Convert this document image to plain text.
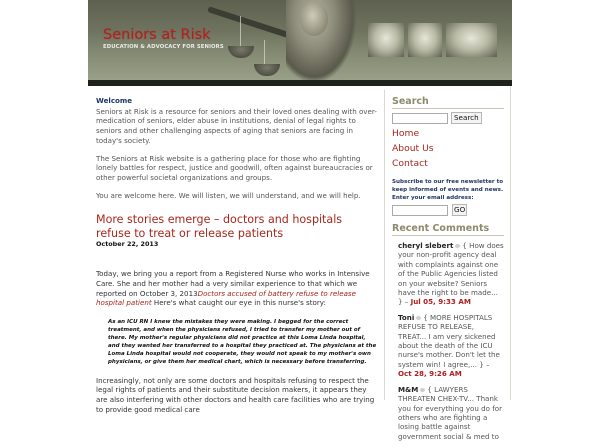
Seniors at Risk
EDUCATION & ADVOCACY FOR SENIORS
Welcome

Seniors at Risk is a resource for seniors and their loved ones dealing with over-medication of seniors, elder abuse in institutions, denial of legal rights to seniors and other challenging aspects of aging that seniors are facing in today's society.

The Seniors at Risk website is a gathering place for those who are fighting lonely battles for respect, justice and goodwill, often against bureaucracies or other powerful societal organizations and groups.

You are welcome here. We will listen, we will understand, and we will help.

More stories emerge – doctors and hospitals refuse to treat or release patients
October 22, 2013
Today, we bring you a report from a Registered Nurse who works in Intensive Care. She and her mother had a very similar experience to that which we reported on October 3, 2013Doctors accused of battery refuse to release hospital patient Here's what caught our eye in this nurse's story:
As an ICU RN I knew the mistakes they were making. I begged for the correct treatment, and when the physicians refused, I tried to transfer my mother out of there. My mother's regular physicians did not practice at this Loma Linda hospital, and they wanted her transferred to a hospital they practiced at. The physicians at the Loma Linda hospital would not cooperate, they would not speak to my mother's own physicians, or give them her medical chart, which is necessary before transferring.
Increasingly, not only are some doctors and hospitals refusing to respect the legal rights of patients and their substitute decision makers, it appears they are also interfering with other doctors and health care facilities who are trying to provide good medical care
Search
Search
Home
About Us
Contact
Subscribe to our free newsletter to keep informed of events and news. Enter your email address:
GO
Recent Comments
cheryl slebert { How does your non-profit agency deal with complaints against one of the Public Agencies listed on your website? Seniors have the right to be made... } – Jul 05, 9:33 AM
Toni { MORE HOSPITALS REFUSE TO RELEASE, TREAT... I am very sickened about the death of the ICU nurse's mother. Don't let the system win! I agree,... } – Oct 28, 9:26 AM
M&M { LAWYERS THREATEN CHEX-TV... Thank you for everything you do for others who are fighting a losing battle against government social & med to
